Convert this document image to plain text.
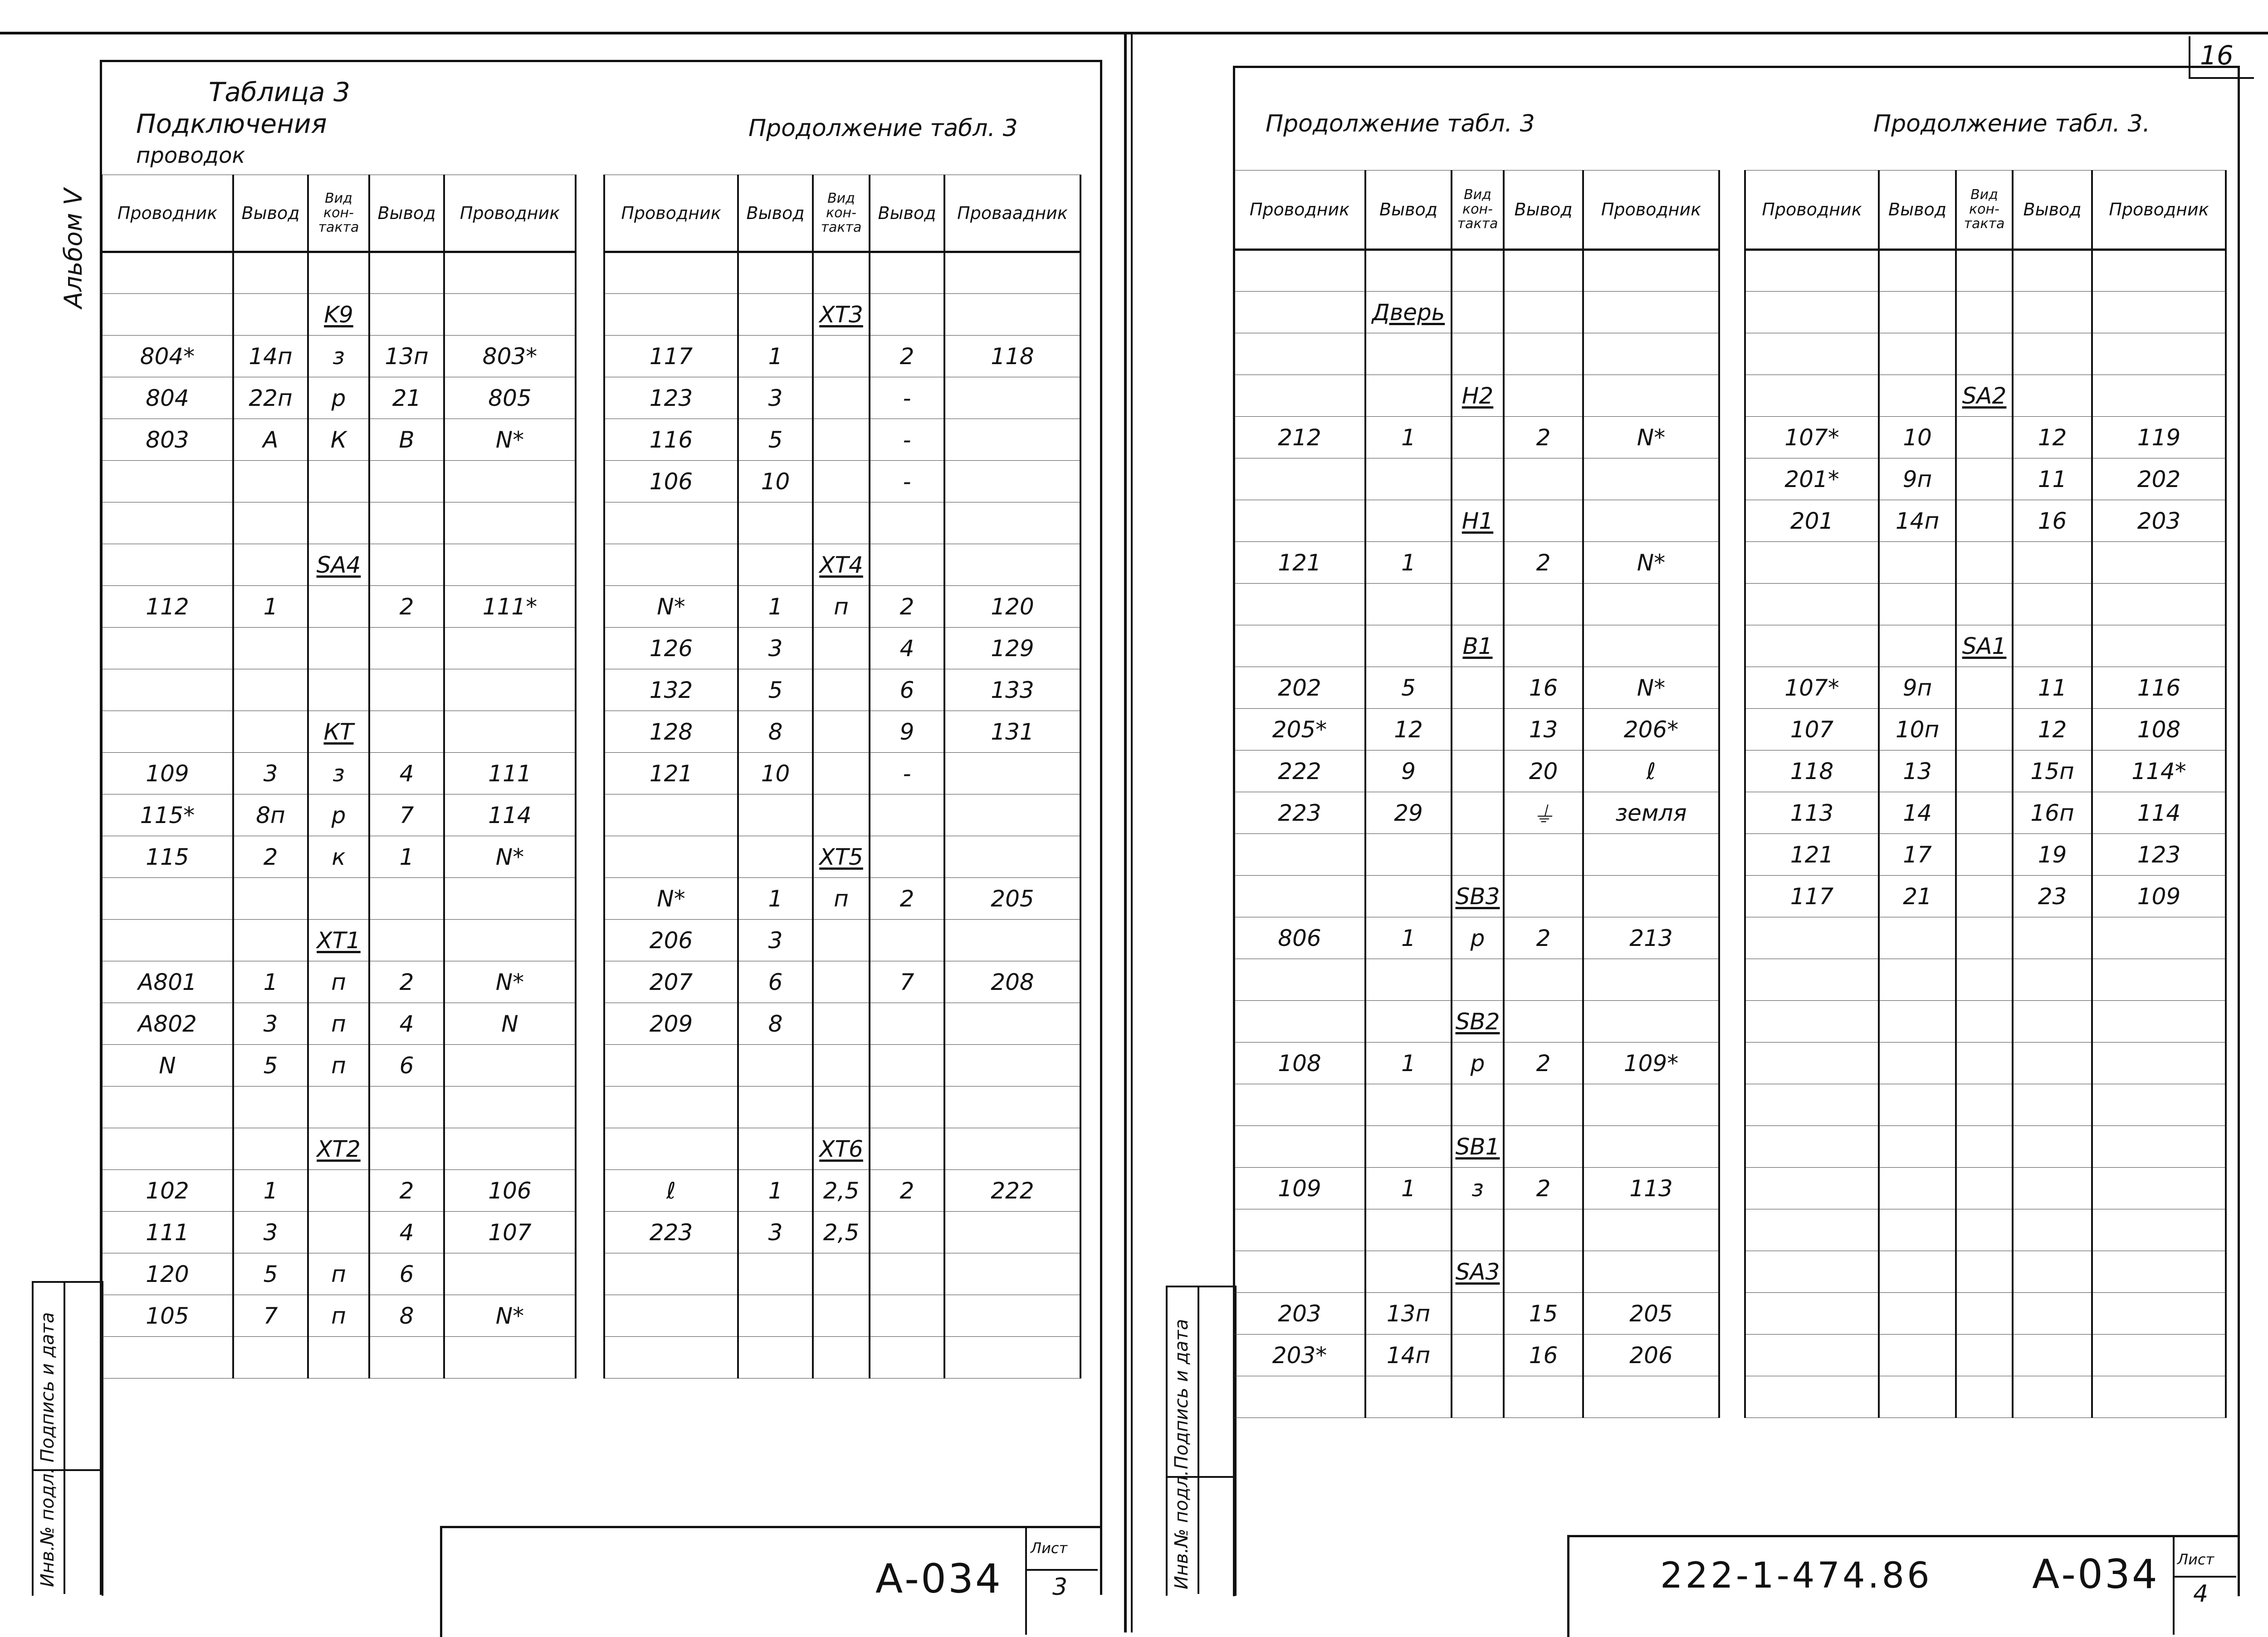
16
Альбом V
Таблица 3
Подключения
проводок
Продолжение табл. 3
Инв.№ подл.
Подпись и дата
А-034
Лист
3
Продолжение табл. 3	Продолжение табл. 3.
Инв.№ подл.
Подпись и дата
222-1-474.86	А-034 Лист
4
Проводник	Вывод	Вид кон-такта	Вывод	Проводник

		K9		
804*	14п	з	13п	803*
804	22п	р	21	805
803	А	К	В	N*

		SA4		
112	1		2	111*

		КТ		
109	3	з	4	111
115*	8п	р	7	114
115	2	к	1	N*

		ХТ1		
А801	1	п	2	N*
А802	3	п	4	N
N	5	п	6	

		ХТ2		
102	1		2	106
111	3		4	107
120	5	п	6	
105	7	п	8	N*

Проводник	Вывод	Вид кон-такта	Вывод	Проваадник

		ХТ3		
117	1		2	118
123	3		-	
116	5		-	
106	10		-	

		ХТ4		
N*	1	п	2	120
126	3		4	129
132	5		6	133
128	8		9	131
121	10		-	

		ХТ5		
N*	1	п	2	205
206	3			
207	6		7	208
209	8			

		ХТ6		
ℓ	1	2,5	2	222
223	3	2,5		

Проводник	Вывод	Вид кон-такта	Вывод	Проводник

	Дверь			

		Н2		
212	1		2	N*

		Н1		
121	1		2	N*

		В1		
202	5		16	N*
205*	12		13	206*
222	9		20	ℓ
223	29		⏚	земля

		SB3		
806	1	р	2	213

		SB2		
108	1	р	2	109*

		SB1		
109	1	з	2	113

		SA3		
203	13п		15	205
203*	14п		16	206

Проводник	Вывод	Вид кон-такта	Вывод	Проводник

		SA2		
107*	10		12	119
201*	9п		11	202
201	14п		16	203

		SA1		
107*	9п		11	116
107	10п		12	108
118	13		15п	114*
113	14		16п	114
121	17		19	123
117	21		23	109
